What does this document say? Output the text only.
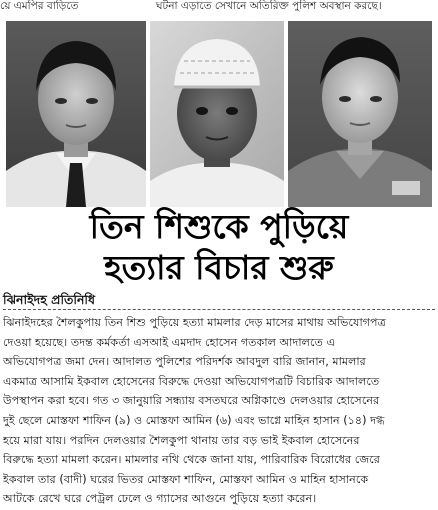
য়ে এমপির বাড়িতে	ঘটনা এড়াতে সেখানে অতিরিক্ত পুলিশ অবস্থান করছে।
তিন শিশুকে পুড়িয়ে
হত্যার বিচার শুরু
ঝিনাইদহ প্রতিনিধি
ঝিনাইদহের শৈলকুপায় তিন শিশু পুড়িয়ে হত্যা মামলার দেড় মাসের মাথায় অভিযোগপত্র
দেওয়া হয়েছে। তদন্ত কর্মকর্তা এসআই এমদাদ হোসেন গতকাল আদালতে এ
অভিযোগপত্র জমা দেন। আদালত পুলিশের পরিদর্শক আবদুল বারি জানান, মামলার
একমাত্র আসামি ইকবাল হোসেনের বিরুদ্ধে দেওয়া অভিযোগপত্রটি বিচারিক আদালতে
উপস্থাপন করা হবে। গত ৩ জানুয়ারি সন্ধ্যায় বসতঘরে অগ্নিকাণ্ডে দেলওয়ার হোসেনের
দুই ছেলে মোস্তফা শাফিন (৯) ও মোস্তফা আমিন (৬) এবং ভাগ্নে মাহিন হাসান (১৪) দগ্ধ
হয়ে মারা যায়। পরদিন দেলওয়ার শৈলকুপা থানায় তার বড় ভাই ইকবাল হোসেনের
বিরুদ্ধে হত্যা মামলা করেন। মামলার নথি থেকে জানা যায়, পারিবারিক বিরোধের জেরে
ইকবাল তার (বাদী) ঘরের ভিতর মোস্তফা শাফিন, মোস্তফা আমিন ও মাহিন হাসানকে
আটকে রেখে ঘরে পেট্রল ঢেলে ও গ্যাসের আগুনে পুড়িয়ে হত্যা করেন।
